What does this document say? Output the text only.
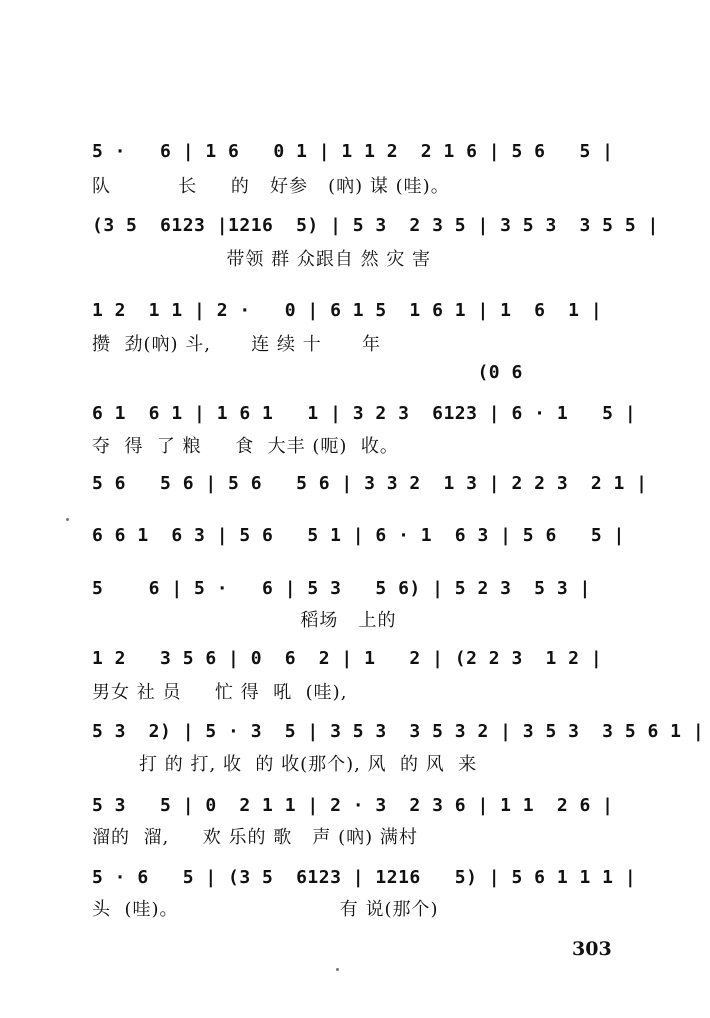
5 ·   6 | 1 6   0 1 | 1 1 2  2 1 6 | 5 6   5 |
队          长     的   好参   (吶) 谋 (哇)。
(3 5  6123 |1216  5) | 5 3  2 3 5 | 3 5 3  3 5 5 |
带领 群 众跟自 然 灾 害
1 2  1 1 | 2 ·   0 | 6 1 5  1 6 1 | 1  6  1 |
攒  劲(吶) 斗,      连 续 十      年
(0 6
6 1  6 1 | 1 6 1   1 | 3 2 3  6123 | 6 · 1   5 |
夺  得  了 粮     食  大丰 (呃)  收。
5 6   5 6 | 5 6   5 6 | 3 3 2  1 3 | 2 2 3  2 1 |
6 6 1  6 3 | 5 6   5 1 | 6 · 1  6 3 | 5 6   5 |
5    6 | 5 ·   6 | 5 3   5 6) | 5 2 3  5 3 |
稻场   上的
1 2   3 5 6 | 0  6  2 | 1   2 | (2 2 3  1 2 |
男女 社 员     忙 得  吼  (哇),
5 3  2) | 5 · 3  5 | 3 5 3  3 5 3 2 | 3 5 3  3 5 6 1 |
打 的 打, 收  的 收(那个), 风  的 风  来
5 3   5 | 0  2 1 1 | 2 · 3  2 3 6 | 1 1  2 6 |
溜的  溜,     欢 乐的 歌   声 (吶) 满村
5 · 6   5 | (3 5  6123 | 1216   5) | 5 6 1 1 1 |
头  (哇)。                        有 说(那个)
303
